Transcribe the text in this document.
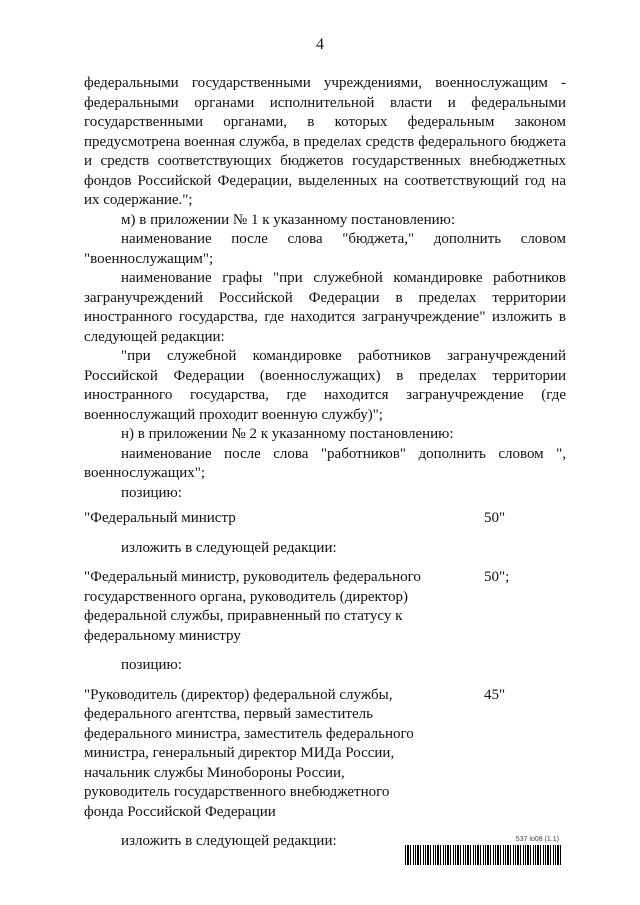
4

федеральными государственными учреждениями, военнослужащим - федеральными органами исполнительной власти и федеральными государственными органами, в которых федеральным законом предусмотрена военная служба, в пределах средств федерального бюджета и средств соответствующих бюджетов государственных внебюджетных фондов Российской Федерации, выделенных на соответствующий год на их содержание.";

м) в приложении № 1 к указанному постановлению:

наименование после слова "бюджета," дополнить словом "военнослужащим";

наименование графы "при служебной командировке работников загранучреждений Российской Федерации в пределах территории иностранного государства, где находится загранучреждение" изложить в следующей редакции:

"при служебной командировке работников загранучреждений Российской Федерации (военнослужащих) в пределах территории иностранного государства, где находится загранучреждение (где военнослужащий проходит военную службу)";

н) в приложении № 2 к указанному постановлению:

наименование после слова "работников" дополнить словом ", военнослужащих";

позицию:

"Федеральный министр	50"

изложить в следующей редакции:

"Федеральный министр, руководитель федерального государственного органа, руководитель (директор) федеральной службы, приравненный по статусу к федеральному министру
50";

позицию:

"Руководитель (директор) федеральной службы, федерального агентства, первый заместитель федерального министра, заместитель федерального министра, генеральный директор МИДа России, начальник службы Минобороны России, руководитель государственного внебюджетного фонда Российской Федерации
45"

изложить в следующей редакции:	537 lo08 (1.1)
